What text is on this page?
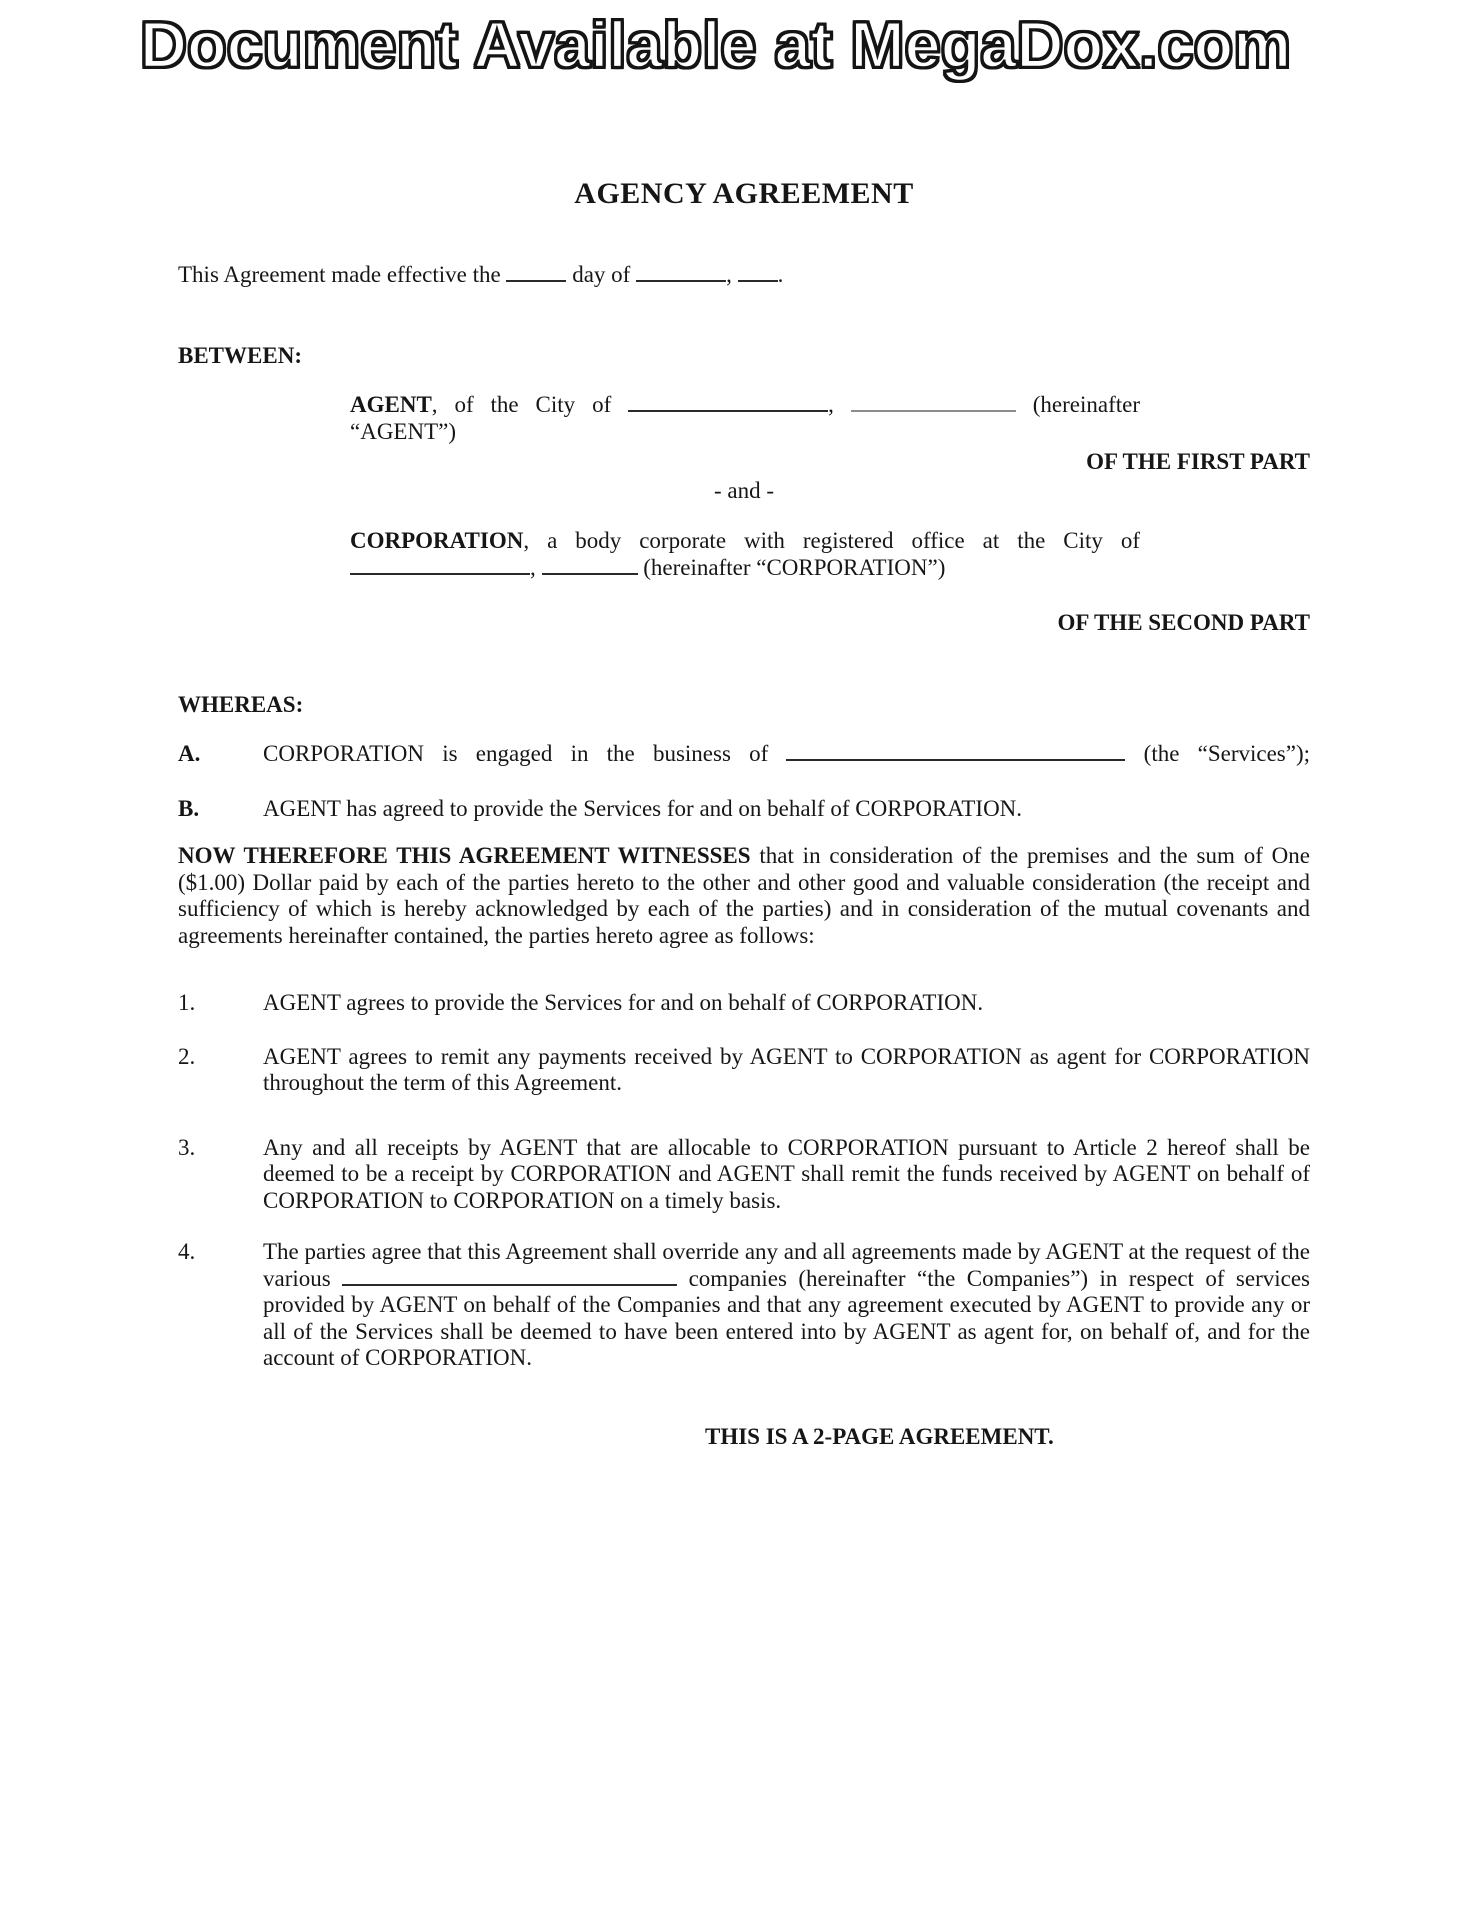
Document Available at MegaDox.com
AGENCY AGREEMENT

This Agreement made effective the	day of	, .

BETWEEN:
AGENT, of the City of	,	(hereinafter “AGENT”)
OF THE FIRST PART
- and -
CORPORATION, a body corporate with registered office at the City of ,	(hereinafter “CORPORATION”)
OF THE SECOND PART
WHEREAS:
A.	CORPORATION is engaged in the business of	(the “Services”);
B.	AGENT has agreed to provide the Services for and on behalf of CORPORATION.

NOW THEREFORE THIS AGREEMENT WITNESSES that in consideration of the premises and the sum of One ($1.00) Dollar paid by each of the parties hereto to the other and other good and valuable consideration (the receipt and sufficiency of which is hereby acknowledged by each of the parties) and in consideration of the mutual covenants and agreements hereinafter contained, the parties hereto agree as follows:

1.	AGENT agrees to provide the Services for and on behalf of CORPORATION.
2.	AGENT agrees to remit any payments received by AGENT to CORPORATION as agent for CORPORATION throughout the term of this Agreement.
3.	Any and all receipts by AGENT that are allocable to CORPORATION pursuant to Article 2 hereof shall be deemed to be a receipt by CORPORATION and AGENT shall remit the funds received by AGENT on behalf of CORPORATION to CORPORATION on a timely basis.
4.	The parties agree that this Agreement shall override any and all agreements made by AGENT at the request of the various	companies (hereinafter “the Companies”) in respect of services provided by AGENT on behalf of the Companies and that any agreement executed by AGENT to provide any or all of the Services shall be deemed to have been entered into by AGENT as agent for, on behalf of, and for the account of CORPORATION.
THIS IS A 2-PAGE AGREEMENT.
